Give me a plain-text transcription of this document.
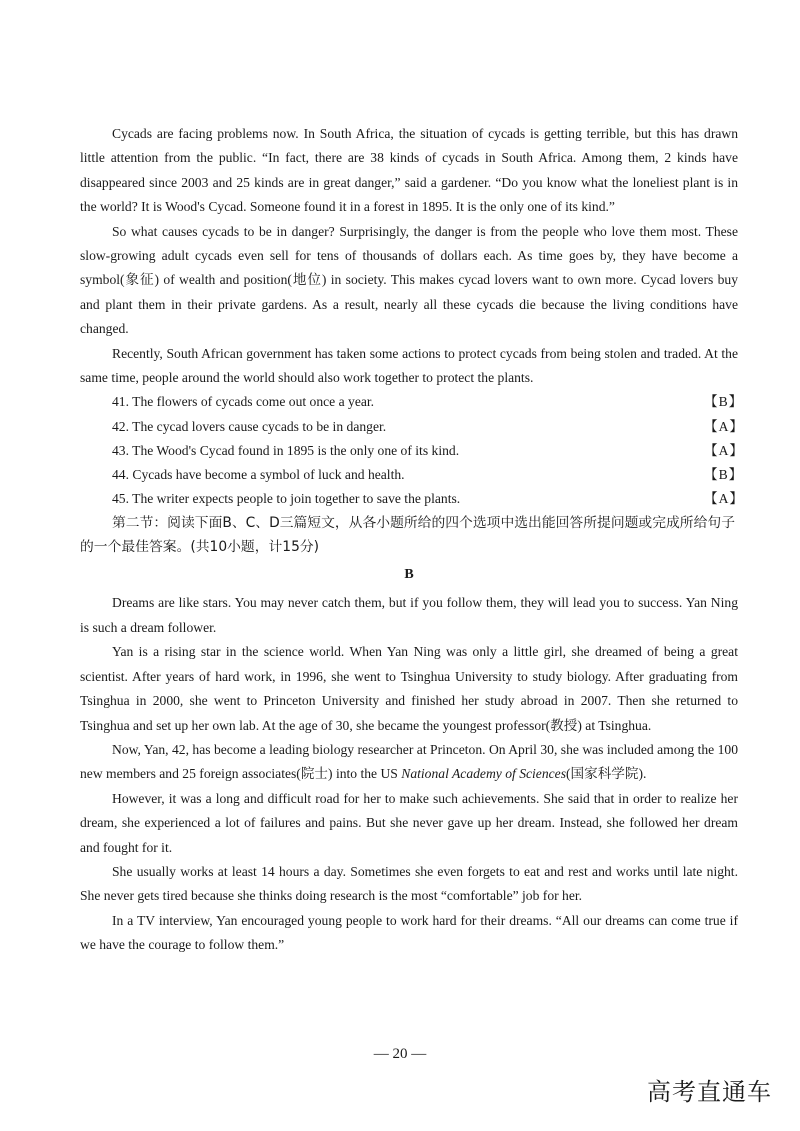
Cycads are facing problems now. In South Africa, the situation of cycads is getting terrible, but this has drawn little attention from the public. “In fact, there are 38 kinds of cycads in South Africa. Among them, 2 kinds have disappeared since 2003 and 25 kinds are in great danger,” said a gardener. “Do you know what the loneliest plant is in the world? It is Wood's Cycad. Someone found it in a forest in 1895. It is the only one of its kind.”

So what causes cycads to be in danger? Surprisingly, the danger is from the people who love them most. These slow-growing adult cycads even sell for tens of thousands of dollars each. As time goes by, they have become a symbol(象征) of wealth and position(地位) in society. This makes cycad lovers want to own more. Cycad lovers buy and plant them in their private gardens. As a result, nearly all these cycads die because the living conditions have changed.

Recently, South African government has taken some actions to protect cycads from being stolen and traded. At the same time, people around the world should also work together to protect the plants.

41. The flowers of cycads come out once a year.	【B】
42. The cycad lovers cause cycads to be in danger.	【A】
43. The Wood's Cycad found in 1895 is the only one of its kind.	【A】
44. Cycads have become a symbol of luck and health.	【B】
45. The writer expects people to join together to save the plants.	【A】

第二节：阅读下面B、C、D三篇短文，从各小题所给的四个选项中选出能回答所提问题或完成所给句子的一个最佳答案。(共10小题，计15分)

B

Dreams are like stars. You may never catch them, but if you follow them, they will lead you to success. Yan Ning is such a dream follower.

Yan is a rising star in the science world. When Yan Ning was only a little girl, she dreamed of being a great scientist. After years of hard work, in 1996, she went to Tsinghua University to study biology. After graduating from Tsinghua in 2000, she went to Princeton University and finished her study abroad in 2007. Then she returned to Tsinghua and set up her own lab. At the age of 30, she became the youngest professor(教授) at Tsinghua.

Now, Yan, 42, has become a leading biology researcher at Princeton. On April 30, she was included among the 100 new members and 25 foreign associates(院士) into the US National Academy of Sciences(国家科学院).

However, it was a long and difficult road for her to make such achievements. She said that in order to realize her dream, she experienced a lot of failures and pains. But she never gave up her dream. Instead, she followed her dream and fought for it.

She usually works at least 14 hours a day. Sometimes she even forgets to eat and rest and works until late night. She never gets tired because she thinks doing research is the most “comfortable” job for her.

In a TV interview, Yan encouraged young people to work hard for their dreams. “All our dreams can come true if we have the courage to follow them.”

— 20 —
高考直通车
